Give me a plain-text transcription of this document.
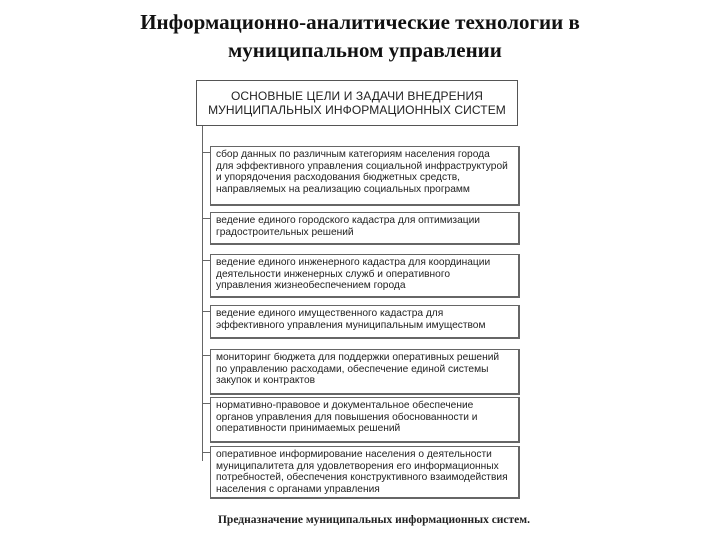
Информационно-аналитические технологии в
муниципальном управлении
ОСНОВНЫЕ ЦЕЛИ И ЗАДАЧИ ВНЕДРЕНИЯ
МУНИЦИПАЛЬНЫХ ИНФОРМАЦИОННЫХ СИСТЕМ
сбор данных по различным категориям населения города
для эффективного управления социальной инфраструктурой
и упорядочения расходования бюджетных средств,
направляемых на реализацию социальных программ
ведение единого городского кадастра для оптимизации
градостроительных решений
ведение единого инженерного кадастра для координации
деятельности инженерных служб и оперативного
управления жизнеобеспечением города
ведение единого имущественного кадастра для
эффективного управления муниципальным имуществом
мониторинг бюджета для поддержки оперативных решений
по управлению расходами, обеспечение единой системы
закупок и контрактов
нормативно-правовое и документальное обеспечение
органов управления для повышения обоснованности и
оперативности принимаемых решений
оперативное информирование населения о деятельности
муниципалитета для удовлетворения его информационных
потребностей, обеспечения конструктивного взаимодействия
населения с органами управления
Предназначение муниципальных информационных систем.
